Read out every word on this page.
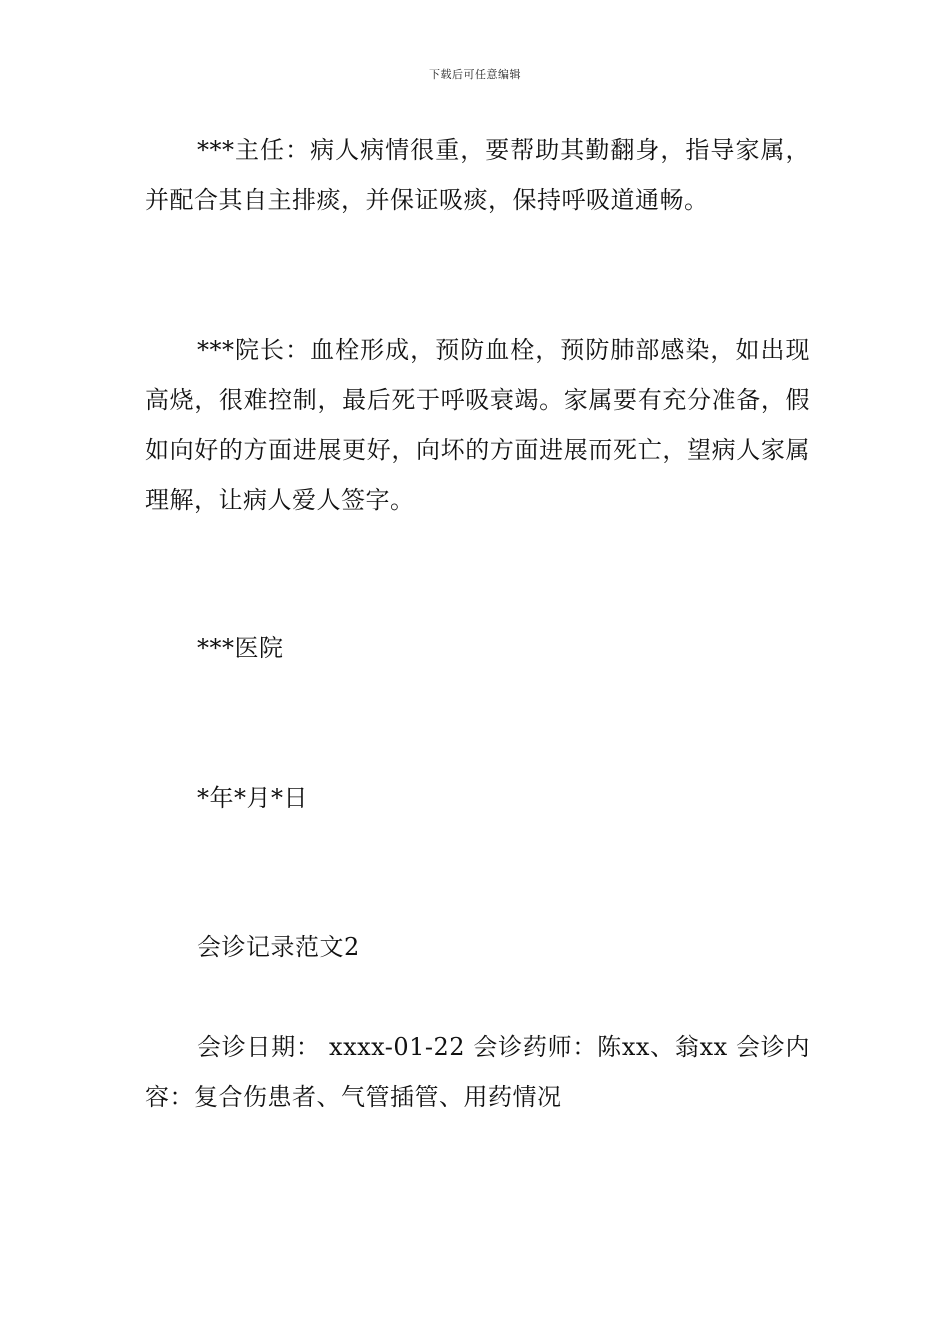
下载后可任意编辑
***主任：病人病情很重，要帮助其勤翻身，指导家属，并配合其自主排痰，并保证吸痰，保持呼吸道通畅。
***院长：血栓形成，预防血栓，预防肺部感染，如出现高烧，很难控制，最后死于呼吸衰竭。家属要有充分准备，假如向好的方面进展更好，向坏的方面进展而死亡，望病人家属理解，让病人爱人签字。
***医院
*年*月*日
会诊记录范文2
会诊日期： xxxx-01-22 会诊药师：陈xx、翁xx 会诊内容：复合伤患者、气管插管、用药情况
